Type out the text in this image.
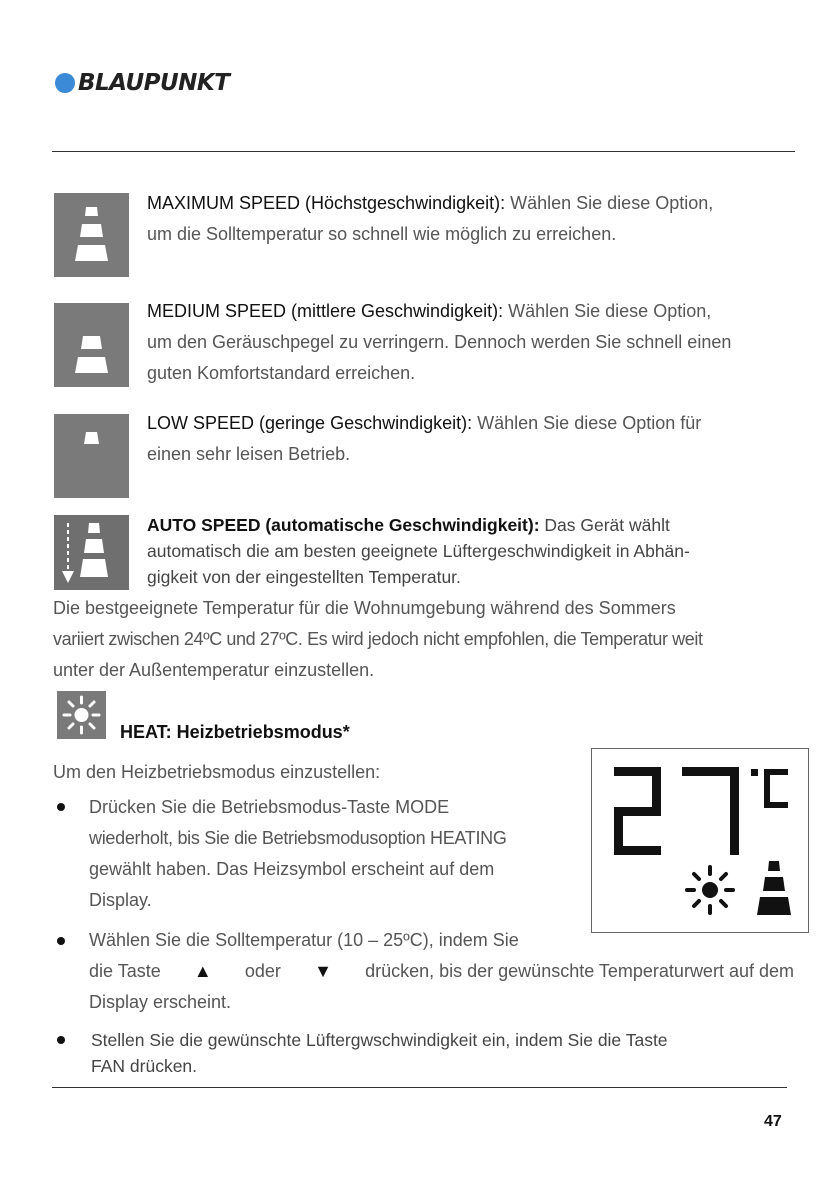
BLAUPUNKT
MAXIMUM SPEED (Höchstgeschwindigkeit): Wählen Sie diese Option,
um die Solltemperatur so schnell wie möglich zu erreichen.
MEDIUM SPEED (mittlere Geschwindigkeit): Wählen Sie diese Option,
um den Geräuschpegel zu verringern. Dennoch werden Sie schnell einen
guten Komfortstandard erreichen.
LOW SPEED (geringe Geschwindigkeit): Wählen Sie diese Option für
einen sehr leisen Betrieb.
AUTO SPEED (automatische Geschwindigkeit): Das Gerät wählt
automatisch die am besten geeignete Lüftergeschwindigkeit in Abhän-
gigkeit von der eingestellten Temperatur.
Die bestgeeignete Temperatur für die Wohnumgebung während des Sommers
variiert zwischen 24ºC und 27ºC. Es wird jedoch nicht empfohlen, die Temperatur weit
unter der Außentemperatur einzustellen.
HEAT: Heizbetriebsmodus*
Um den Heizbetriebsmodus einzustellen:
Drücken Sie die Betriebsmodus-Taste MODE
wiederholt, bis Sie die Betriebsmodusoption HEATING
gewählt haben. Das Heizsymbol erscheint auf dem
Display.
Wählen Sie die Solltemperatur (10 – 25ºC), indem Sie
die Taste ▲ oder ▼ drücken, bis der gewünschte Temperaturwert auf dem
Display erscheint.
Stellen Sie die gewünschte Lüftergwschwindigkeit ein, indem Sie die Taste
FAN drücken.
47
